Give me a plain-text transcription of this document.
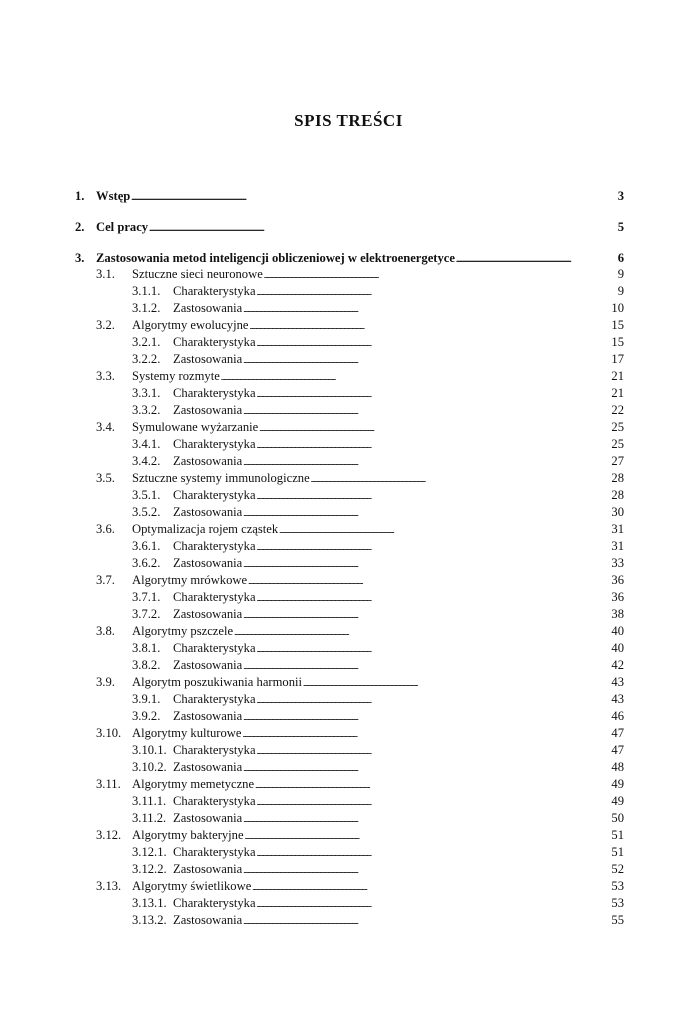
SPIS TREŚCI
1. Wstęp . . .	3
2. Cel pracy . . .	5
3. Zastosowania metod inteligencji obliczeniowej w elektroenergetyce . . .	6
3.1. Sztuczne sieci neuronowe . . .	9
3.1.1. Charakterystyka . . .	9
3.1.2. Zastosowania . . .	10
3.2. Algorytmy ewolucyjne . . .	15
3.2.1. Charakterystyka . . .	15
3.2.2. Zastosowania . . .	17
3.3. Systemy rozmyte . . .	21
3.3.1. Charakterystyka . . .	21
3.3.2. Zastosowania . . .	22
3.4. Symulowane wyżarzanie . . .	25
3.4.1. Charakterystyka . . .	25
3.4.2. Zastosowania . . .	27
3.5. Sztuczne systemy immunologiczne . . .	28
3.5.1. Charakterystyka . . .	28
3.5.2. Zastosowania . . .	30
3.6. Optymalizacja rojem cząstek . . .	31
3.6.1. Charakterystyka . . .	31
3.6.2. Zastosowania . . .	33
3.7. Algorytmy mrówkowe . . .	36
3.7.1. Charakterystyka . . .	36
3.7.2. Zastosowania . . .	38
3.8. Algorytmy pszczele . . .	40
3.8.1. Charakterystyka . . .	40
3.8.2. Zastosowania . . .	42
3.9. Algorytm poszukiwania harmonii . . .	43
3.9.1. Charakterystyka . . .	43
3.9.2. Zastosowania . . .	46
3.10. Algorytmy kulturowe . . .	47
3.10.1. Charakterystyka . . .	47
3.10.2. Zastosowania . . .	48
3.11. Algorytmy memetyczne . . .	49
3.11.1. Charakterystyka . . .	49
3.11.2. Zastosowania . . .	50
3.12. Algorytmy bakteryjne . . .	51
3.12.1. Charakterystyka . . .	51
3.12.2. Zastosowania . . .	52
3.13. Algorytmy świetlikowe . . .	53
3.13.1. Charakterystyka . . .	53
3.13.2. Zastosowania . . .	55
